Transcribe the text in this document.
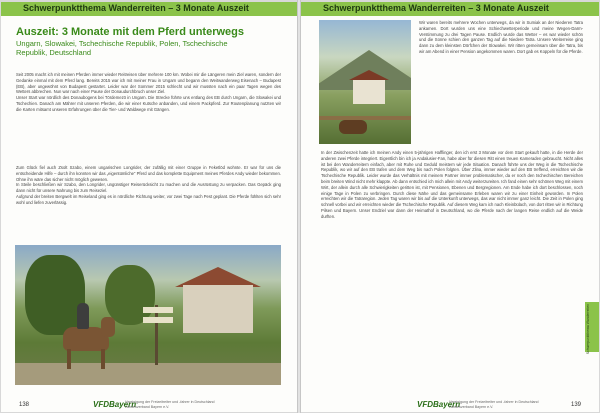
Schwerpunktthema Wanderreiten – 3 Monate Auszeit
Auszeit: 3 Monate mit dem Pferd unterwegs
Ungarn, Slowakei, Tschechische Republik, Polen, Tschechische Republik, Deutschland

Seit 2005 macht ich mit meinen Pferden immer wieder Reitreisen über mehrere 100 km. Wobei mir die Längeren mein Ziel waren, sondern der Gedanke einmal mit dem Pferd lang. Bereits 2015 war ich mit meiner Frau in Ungarn und begann den Weitwanderweg Eisenach – Budapest (EB), aber ungewöhnt von Budapest gestartet. Leider war der Sommer 2015 schlecht und wir mussten nach ein paar Tagen wegen des Wetters abbrechen. Nun war nach einer Pause der Donaudurchbruch unser Ziel.

Unser Start war nördlich des Donaubogens bei Tördemezö in Ungarn. Die Strecke führte uns entlang des EB durch Ungarn, die Slowakei und Tschechien. Danach am Mährer mit unseren Pferden, die wir einer Kutsche anbanden, und einem Packpferd. Zur Routenplanung nutzten wir die Karten mitsamt unseren Erfahrungen über die Tier- und Waldwege mit Gängen.

Zum Glück fiel auch Zsolt Szabo, einem ungarischen Longrider, der zufällig mit einer Gruppe in Feketlöd wohnte. Er war für uns die entscheidende Hilfe – durch ihn konnten wir das „eigentümliche“ Pferd und das komplette Equipment meines Pferdes Andy wieder bekommen. Ohne ihn wäre das sicher nicht möglich gewesen.

In Steile beschließen wir Szabo, den Longrider, ungünstiger Reiserücksicht zu machen und die Ausrüstung zu verpacken. Das Gepäck ging dann nicht für unsere Nahrung bis zum Reiseziel.

Aufgrund der breiten Bergwelt im Reiseland ging es in nördliche Richtung weiter, vor zwei Tage nach Pest geplant. Die Pferde fühlten sich sehr wohl und liefen zuverlässig.

138	VFDBayern
Vereinigung der Freizeitreiter und -fahrer in Deutschland Landesverband Bayern e.V.
Schwerpunktthema Wanderreiten – 3 Monate Auszeit

Wir waren bereits mehrere Wochen unterwegs, da wir in Sumiak an der Niederen Tatra ankamen. Dort wurden uns eine Schiechwetterperiode und meine Wegen-Darm-Verstimmung zu drei Tagen Pause. Endlich wurde das Wetter – es war wieder schön und die Sonne schien den ganzen Tag auf die Niedere Tatra. Unsere Weiterreise ging dann zu dem kleinsten Dörfchen der Slowakei. Wir ritten gemeinsam über die Tatra, bis wir am Abend in einer Pension angekommen waren. Dort gab es Koppeln für die Pferde.

In der Zwischenzeit hatte ich meinen Andy einen 5-jährigen Hafflinger, den ich erst 3 Monate vor dem Start gekauft hatte, in die Herde der anderen zwei Pferde integriert. Eigentlich bin ich ja Andalusier-Fan, habe aber für diesen Ritt einen treuen Kameraden gebraucht. Nicht alles ist bei den Wanderreitern einfach, aber mit Ruhe und Geduld meistern wir jede Situation. Danach führte uns der Weg in die Tschechische Republik, wo wir auf den EB trafen und dem Weg bis nach Polen folgten. Über Zlina, immer wieder auf den EB treffend, erreichten wir die Tschechische Republik. Leider wurde das Verhältnis mit meinem Partner immer problematischer, da er noch den tschechischen Bereichen beim breiten Wind nicht mehr klappte. Ab dann entschied ich mich allein mit Andy weiterzureiten. Ich fand einen sehr schönen Weg mit einem Wirt, der allein durch alle Schwierigkeiten geritten ist, mit Pensionen, Ebenen und Bergregionen. Am Ende habe ich dort beschlossen, noch einige Tage in Polen zu verbringen. Durch diese Nähe und das gemeinsame Erleben waren wir zu einer Einheit geworden. In Polen erreichten wir die Tatraregion. Jeden Tag waren wir bis auf die Unterkunft unterwegs, das war nicht immer ganz leicht. Die Zeit in Polen ging schnell vorbei und wir erreichten wieder die Tschechische Republik. Auf diesem Weg kam ich nach Kleinbülach, von dort ritten wir in Richtung Pilsen und Bayern. Unser Endziel war dann der Heimathof in Deutschland, wo die Pferde nach der langen Reise endlich auf die Weide durften.

Schwerpunktthema Wanderreiten
VFDBayern
Vereinigung der Freizeitreiter und -fahrer in Deutschland Landesverband Bayern e.V.	139
